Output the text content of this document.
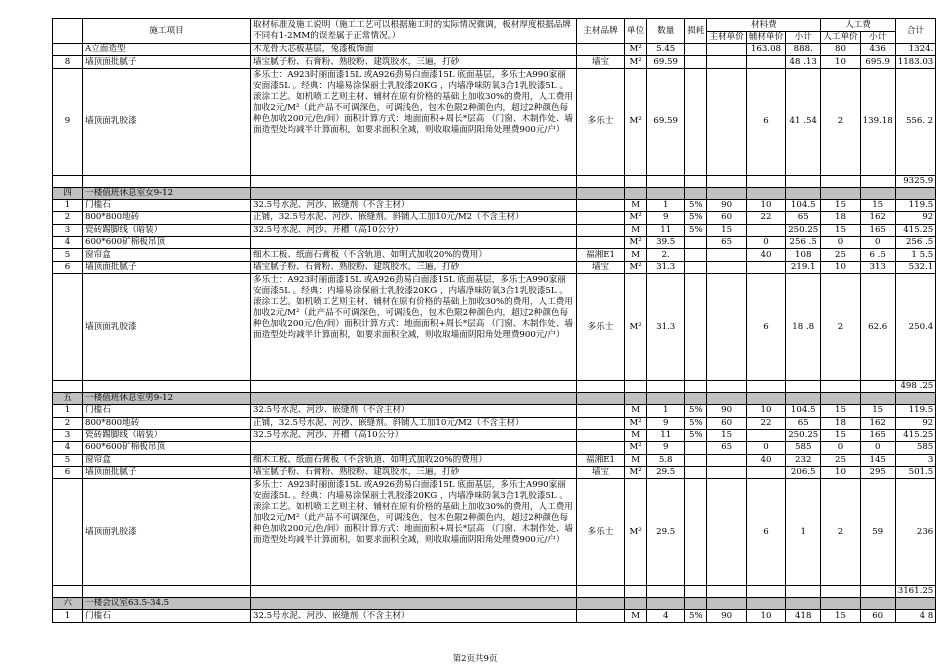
	施工项目	取材标准及施工说明（施工工艺可以根据施工时的实际情况微调，板材厚度根据品牌不同有1-2MM的误差属于正常情况。）	主材品牌	单位	数量	损耗	材料费			人工费		合计
							主材单价	辅材单价	小计	人工单价	小计	
	A立面造型	木龙骨大芯板基层，兔漆板饰面		M²	5.45			163.08	888.	80	436	1324.
8	墙顶面批腻子	墙宝腻子粉、石膏粉、熟胶粉、建筑胶水，三遍，打砂	墙宝	M²	69.59				48 .13	10	695.9	1183.03
9	墙顶面乳胶漆	多乐士：A923时丽面漆15L 或A926劲易白面漆15L 底面基层，多乐士A990家丽安面漆5L 。经典：内墙易涂保丽士乳胶漆20KG ，内墙净味防氧3合1乳胶漆5L 。滚涂工艺。如机喷工艺则主材、辅材在原有价格的基础上加收30%的费用，人工费用加收2元/M²（此产品不可调深色，可调浅色，包木色限2种颜色内，超过2种颜色每种色加收200元/色/间）面积计算方式：地面面积+周长*层高 （门窗、木制作处、墙面造型处均减半计算面积，如要求面积全减，则收取墙面阴阳角处理费900元/户）	多乐士	M²	69.59			6	41 .54	2	139.18	556. 2
												9325.9
四	一楼值班休息室女9-12											
1	门槛石	32.5号水泥、河沙、嵌缝剂（不含主材）		M	1	5%	90	10	104.5	15	15	119.5
2	800*800地砖	正铺，32.5号水泥、河沙、嵌缝剂。斜铺人工加10元/M2（不含主材）		M²	9	5%	60	22	65	18	162	92
3	瓷砖踢脚线（暗装）	32.5号水泥、河沙、开槽（高10公分）		M	11	5%	15		250.25	15	165	415.25
4	600*600矿棉板吊顶			M²	39.5		65	0	256 .5	0	0	256 .5
5	窗帘盒	细木工板、纸面石膏板（不含轨道、如明式加收20%的费用）	福湘E1	M	2.			40	108	25	6 .5	1 5.5
6	墙顶面批腻子	墙宝腻子粉、石膏粉、熟胶粉、建筑胶水，三遍，打砂	墙宝	M²	31.3				219.1	10	313	532.1
	墙顶面乳胶漆	多乐士：A923时丽面漆15L 或A926劲易白面漆15L 底面基层，多乐士A990家丽安面漆5L 。经典：内墙易涂保丽士乳胶漆20KG ，内墙净味防氧3合1乳胶漆5L 。滚涂工艺。如机喷工艺则主材、辅材在原有价格的基础上加收30%的费用，人工费用加收2元/M²（此产品不可调深色，可调浅色，包木色限2种颜色内，超过2种颜色每种色加收200元/色/间）面积计算方式：地面面积+周长*层高 （门窗、木制作处、墙面造型处均减半计算面积，如要求面积全减，则收取墙面阴阳角处理费900元/户）	多乐士	M²	31.3			6	18 .8	2	62.6	250.4
												498 .25
五	一楼值班休息室男9-12											
1	门槛石	32.5号水泥、河沙、嵌缝剂（不含主材）		M	1	5%	90	10	104.5	15	15	119.5
2	800*800地砖	正铺，32.5号水泥、河沙、嵌缝剂。斜铺人工加10元/M2（不含主材）		M²	9	5%	60	22	65	18	162	92
3	瓷砖踢脚线（暗装）	32.5号水泥、河沙、开槽（高10公分）		M	11	5%	15		250.25	15	165	415.25
4	600*600矿棉板吊顶			M²	9		65	0	585	0	0	585
5	窗帘盒	细木工板、纸面石膏板（不含轨道、如明式加收20%的费用）	福湘E1	M	5.8			40	232	25	145	3
6	墙顶面批腻子	墙宝腻子粉、石膏粉、熟胶粉、建筑胶水，三遍，打砂	墙宝	M²	29.5				206.5	10	295	501.5
	墙顶面乳胶漆	多乐士：A923时丽面漆15L 或A926劲易白面漆15L 底面基层，多乐士A990家丽安面漆5L 。经典：内墙易涂保丽士乳胶漆20KG ，内墙净味防氧3合1乳胶漆5L 。滚涂工艺。如机喷工艺则主材、辅材在原有价格的基础上加收30%的费用，人工费用加收2元/M²（此产品不可调深色，可调浅色，包木色限2种颜色内，超过2种颜色每种色加收200元/色/间）面积计算方式：地面面积+周长*层高 （门窗、木制作处、墙面造型处均减半计算面积，如要求面积全减，则收取墙面阴阳角处理费900元/户）	多乐士	M²	29.5			6	1	2	59	236
												3161.25
六	一楼会议室63.5-34.5											
1	门槛石	32.5号水泥、河沙、嵌缝剂（不含主材）		M	4	5%	90	10	418	15	60	4 8
第2页共9页
